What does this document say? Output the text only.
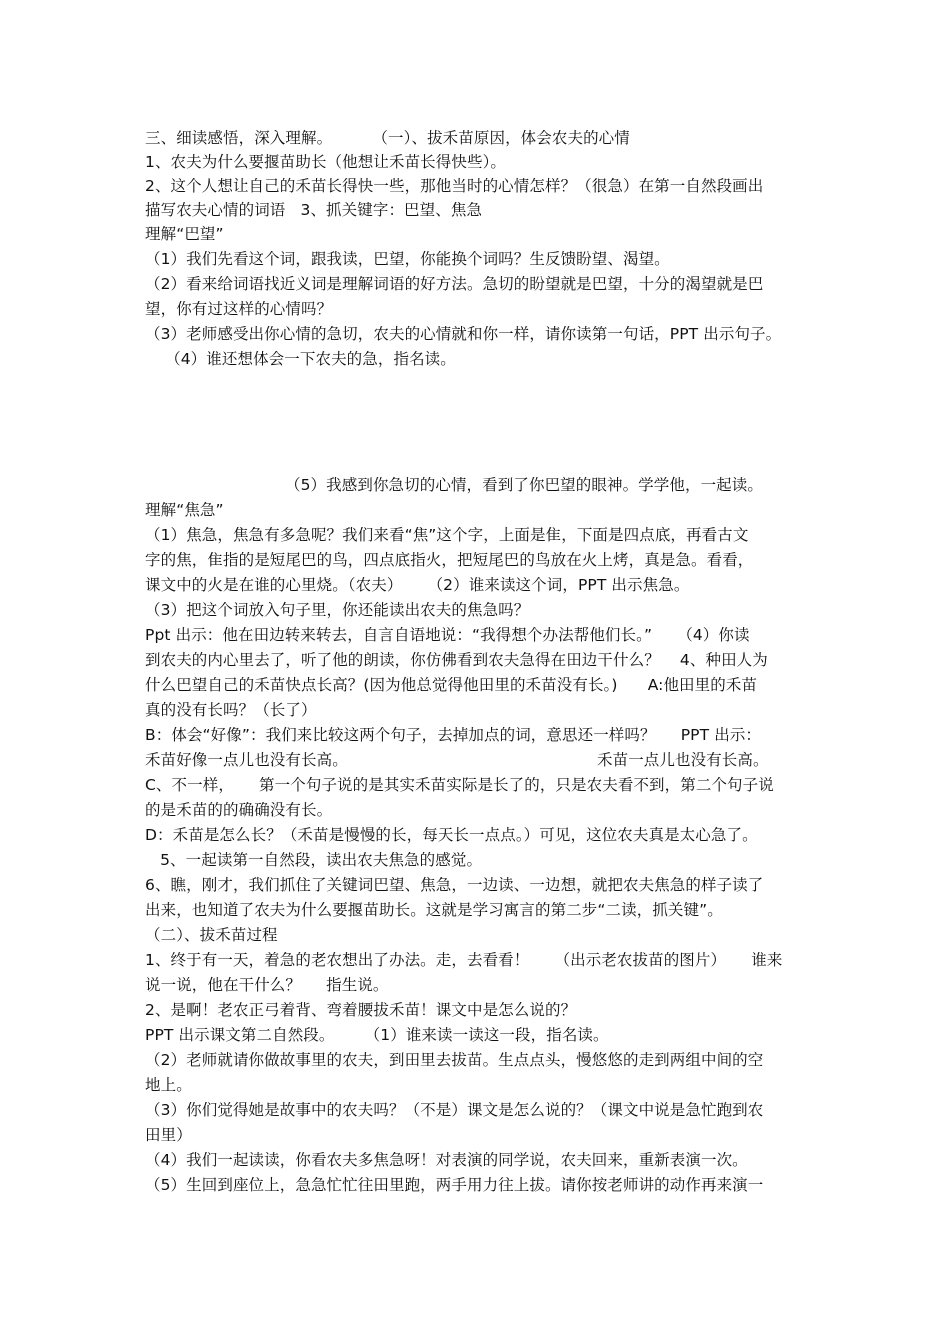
三、细读感悟，深入理解。        （一）、拔禾苗原因，体会农夫的心情
1、农夫为什么要揠苗助长（他想让禾苗长得快些）。
2、这个人想让自己的禾苗长得快一些，那他当时的心情怎样？（很急）在第一自然段画出
描写农夫心情的词语   3、抓关键字：巴望、焦急
理解“巴望”
（1）我们先看这个词，跟我读，巴望，你能换个词吗？生反馈盼望、渴望。
（2）看来给词语找近义词是理解词语的好方法。急切的盼望就是巴望，十分的渴望就是巴
望，你有过这样的心情吗？
（3）老师感受出你心情的急切，农夫的心情就和你一样，请你读第一句话，PPT 出示句子。
（4）谁还想体会一下农夫的急，指名读。
（5）我感到你急切的心情，看到了你巴望的眼神。学学他，一起读。
理解“焦急”
（1）焦急，焦急有多急呢？我们来看“焦”这个字，上面是隹，下面是四点底，再看古文
字的焦，隹指的是短尾巴的鸟，四点底指火，把短尾巴的鸟放在火上烤，真是急。看看，
课文中的火是在谁的心里烧。（农夫）     （2）谁来读这个词，PPT 出示焦急。
（3）把这个词放入句子里，你还能读出农夫的焦急吗？
Ppt 出示：他在田边转来转去，自言自语地说：“我得想个办法帮他们长。”     （4）你读
到农夫的内心里去了，听了他的朗读，你仿佛看到农夫急得在田边干什么？    4、种田人为
什么巴望自己的禾苗快点长高？(因为他总觉得他田里的禾苗没有长。)      A:他田里的禾苗
真的没有长吗？（长了）
B：体会“好像”：我们来比较这两个句子，去掉加点的词，意思还一样吗？     PPT 出示：
禾苗好像一点儿也没有长高。	禾苗一点儿也没有长高。
C、不一样，     第一个句子说的是其实禾苗实际是长了的，只是农夫看不到，第二个句子说
的是禾苗的的确确没有长。
D：禾苗是怎么长？（禾苗是慢慢的长，每天长一点点。）可见，这位农夫真是太心急了。
5、一起读第一自然段，读出农夫焦急的感觉。
6、瞧，刚才，我们抓住了关键词巴望、焦急，一边读、一边想，就把农夫焦急的样子读了
出来，也知道了农夫为什么要揠苗助长。这就是学习寓言的第二步“二读，抓关键”。
（二）、拔禾苗过程
1、终于有一天，着急的老农想出了办法。走，去看看！     （出示老农拔苗的图片）     谁来
说一说，他在干什么？     指生说。
2、是啊！老农正弓着背、弯着腰拔禾苗！课文中是怎么说的？
PPT 出示课文第二自然段。      （1）谁来读一读这一段，指名读。
（2）老师就请你做故事里的农夫，到田里去拔苗。生点点头，慢悠悠的走到两组中间的空
地上。
（3）你们觉得她是故事中的农夫吗？（不是）课文是怎么说的？（课文中说是急忙跑到农
田里）
（4）我们一起读读，你看农夫多焦急呀！对表演的同学说，农夫回来，重新表演一次。
（5）生回到座位上，急急忙忙往田里跑，两手用力往上拔。请你按老师讲的动作再来演一
